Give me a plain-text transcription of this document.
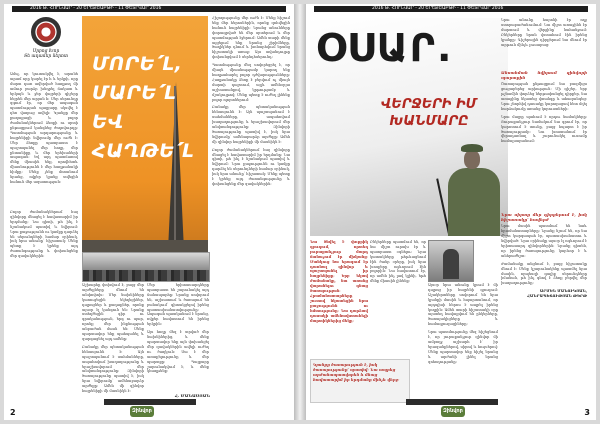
2016 Թ. ՀՈՒՆՎԱՐ - 20 ԵՐԵՔՇԱԲԹԻ - 11 ՓԵՏՐՎԱՐ 2016
Սրբոց Խոր
Տե ադամեր ներոտ

Ամպ, որ կուտակվել է, արանե արամ որը կարել էր հ և երկրի, որը մարտ դառ ավերված հաղթող մի ամուր բարձր խնդրել ճակատ և երկայն և ջեր վայրերի գիշերը հեյրեն մեր արյան հ։ Մեր սերունդը զգում էր, որ մեր ապագան պատմության պայքարը սկսվել է դեռ վաղուց ավելի։ Կյանքը մեր քաղաքացի և բոլոր ժամանակներում ձեռքի ու սրտի ընթացքում կանգնեց ժողովուրդը։ Պատմության արդարությունը և հայրենիքի նվիրումը մեր ուժն է։ Մեր ձեռքը պատրաստ է պաշտպանել մեր հողը, մեր ընտանիքը և մեր երեխաների ապագան։ Եվ այդ պատճառով մենք միասին ենք, որովհետև միասնությունն է մեր հաղթանակի հիմքը։ Մենք չենք մոռանում նրանց, ովքեր կյանք տվեցին հանուն մեր ազատության։

Բոլոր ժամանակներում հայ զինվորը մնացել է հավատարիմ իր երդմանը։ Նա գիտի, թե ինչ է նշանակում պատիվ և նվիրում։ Նրա քաջությունն ու կամքը դարձել են սերունդների համար օրինակ, իսկ նրա անունը՝ հիշատակ։ Մենք պետք է կրենք այդ ժառանգությունը և փոխանցենք մեր զավակներին։

ՄՈՐԵ՛Լ,
ՄԱՐԵ՛Լ
ԵՎ
ՀԱՂԹԵ՛Լ

Աշխարհը փոխվում է, բայց մեր արժեքները մնում են անփոփոխ։ Մեր նախնիները կառուցեցին եկեղեցիներ, դպրոցներ և քաղաքներ, որոնք այսօր էլ կանգուն են։ Նրանք ստեղծեցին գիր ու գրականություն, երգ ու պար, որոնք մեր ինքնության անբաժան մասն են։ Մենք պարտավոր ենք պահպանել և զարգացնել այդ ամենը։

Բանակը մեր պետականության հենասյունն է։ Այն պաշտպանում է սահմանները, ապահովում խաղաղությունը և երաշխավորում մեր անվտանգությունը։ Զինվորի ծառայությունը պատիվ է, իսկ նրա նվիրումը՝ ամենաբարձր արժեքը։ Ամեն մի զինվոր հայրենիքի մի մասնիկն է։

Մեր երիտասարդները պատրաստ են շարունակել այդ ճանապարհը։ Նրանք սովորում են, աշխատում և ծառայում են բանակում՝ գիտակցելով իրենց պատասխանատվությունը։ Ապագան պատկանում է նրանց, ովքեր հավատում են իրենց երկրին։

Այս հողը մեզ է տրված մեր նախնիներից, և մենք պարտավոր ենք այն փոխանցել մեր զավակներին ավելի ուժեղ ու ծաղկուն։ Սա է մեր առաքելությունը և մեր պարտքը։ Պայքարը շարունակվում է, և մենք կհաղթենք։

Հիշողությունը մեր ուժն է։ Մենք հիշում ենք մեր հերոսներին, որոնք զոհվեցին հանուն հայրենիքի։ Նրանց անունները փորագրված են մեր սրտերում և մեր պատմության էջերում։ Ամեն տարի մենք այցելում ենք նրանց շիրիմները, ծաղիկներ դնում և խոնարհվում նրանց հիշատակի առաջ։ Այս ավանդույթը փոխանցվում է սերնդեսերունդ։

Պատմությունը մեզ սովորեցրել է, որ միայն միասնությամբ կարող ենք հաղթահարել բոլոր դժվարությունները։ Հաղթանակը ձեռք է բերվում ոչ միայն մարտի դաշտում, այլև ամենօրյա աշխատանքով, կրթությամբ և մշակույթով։ Մենք պետք է ուժեղ լինենք բոլոր ոլորտներում։

Բանակը մեր պետականության հենասյունն է։ Այն պաշտպանում է սահմանները, ապահովում խաղաղությունը և երաշխավորում մեր անվտանգությունը։ Զինվորի ծառայությունը պատիվ է, իսկ նրա նվիրումը՝ ամենաբարձր արժեքը։ Ամեն մի զինվոր հայրենիքի մի մասնիկն է։

Բոլոր ժամանակներում հայ զինվորը մնացել է հավատարիմ իր երդմանը։ Նա գիտի, թե ինչ է նշանակում պատիվ և նվիրում։ Նրա քաջությունն ու կամքը դարձել են սերունդների համար օրինակ, իսկ նրա անունը՝ հիշատակ։ Մենք պետք է կրենք այդ ժառանգությունը և փոխանցենք մեր զավակներին։

Հ. ՄԱՆԱՍՅԱՆ
Զինվոր
2
2016 Թ. ՀՈՒՆՎԱՐ - 20 ԵՐԵՔՇԱԲԹԻ - 11 ՓԵՏՐՎԱՐ 2016
ՕՍԱՐ.
ՎԵՐՋԵՐԻ ԻՄ ԽԱՆՄԱՐԸ
Նրա անունը հայտնի էր ողջ ստորաբաժանումում։ Նա միշտ առաջինն էր մարտում և վերջինը՝ նահանջում։ Ընկերները նրան վստահում էին իրենց կյանքը։ Գիշերային դիրքերում նա մնում էր արթուն մինչև լուսաբաց։
Անսահման նվիրում զինվորի պարտքին

Ծառայության ընթացքում նա բազմիցս ցուցաբերեց արիություն։ Մի գիշեր, երբ թշնամին փորձեց ներթափանցել դիրքեր, նա առաջինը նկատեց վտանգը և ահազանգեց։ Նրա շնորհիվ դասակը կարողացավ հետ մղել հարձակումը առանց կորուստների։

Նրա մայրը պահում է որդու նամակները։ Յուրաքանչյուր նամակում նա գրում էր, որ կարոտում է տունը, բայց հպարտ է իր ծառայությամբ։ Նա խոստանում էր վերադառնալ և շարունակել ուսումը համալսարանում։

Նրա սիրտը մեր դիրքերում է, իսկ հիշատակը՝ հավերժ

Նրա մասին պատմում են նաև հրամանատարները։ Նրանք նշում են, որ նա միշտ կարգապահ էր, պատասխանատու և նվիրված։ Նրա օրինակը այսօր էլ ոգևորում է երիտասարդ զինվորներին։ Նրանք գիտեն, որ իրենց ծառայությունը կարևոր է և անհրաժեշտ։

Ժամանակը անցնում է, բայց հիշատակը մնում է։ Մենք կշարունակենք պատմել նրա մասին, որպեսզի գալիք սերունդները իմանան, թե ինչ գնով է ձեռք բերվել մեր խաղաղությունը։

ԱՐՄԵՆ ՄԱՆՈՒԿՅԱՆ, ՀԱՆՐԱՊԵՏՈՒԹՅԱՆ ԹԵՐԹ

Նա ծնվել է փոքրիկ գյուղում, որտեղ յուրաքանչյուր մարդ ճանաչում էր միմյանց։ Մանկուց նա երազում էր դառնալ զինվոր և պաշտպանել իր հայրենիքը։ Երբ եկավ ժամանակը, նա առանց վարանելու գնաց ծառայության։ Հրամանատարները շուտով նկատեցին նրա քաջությունն ու հմտությունը։ Նա դարձավ դասակի ամենավստահելի մարտիկներից մեկը։

Ընկերները պատմում են, որ նա միշտ ուրախ էր և պատրաստ օգնելու։ Նրա կատակները թեթևացնում էին ծանր օրերը, իսկ նրա խոսքերը ոգևորում էին բոլորին։ Նա հավատում էր, որ ամեն ինչ լավ կլինի, եթե մենք միասին լինենք։

Այսօր նրա անունը կրում է մի դպրոց իր հայրենի գյուղում։ Աշակերտները սովորում են նրա կյանքի մասին և հպարտանում, որ այդպիսի հերոս է ապրել իրենց կողքին։ Ամեն տարի հիշատակի օրը այստեղ հավաքվում են ընկերները, ծառայակիցները և համագյուղացիները։

Նրա պատմությունը մեզ հիշեցնում է, որ յուրաքանչյուր զինվոր մի ամբողջ աշխարհ է՝ իր երազանքներով, սիրով և հույսերով։ Մենք պարտավոր ենք հիշել նրանց և արժանի լինել նրանց զոհողությանը։

Կյանքը ծառայություն է, իսկ ծառայությունը՝ պատիվ։ Նա ապրեց արժանապատվորեն և մնաց հավատարիմ իր երդմանը մինչև վերջ։
Զինվոր	3
